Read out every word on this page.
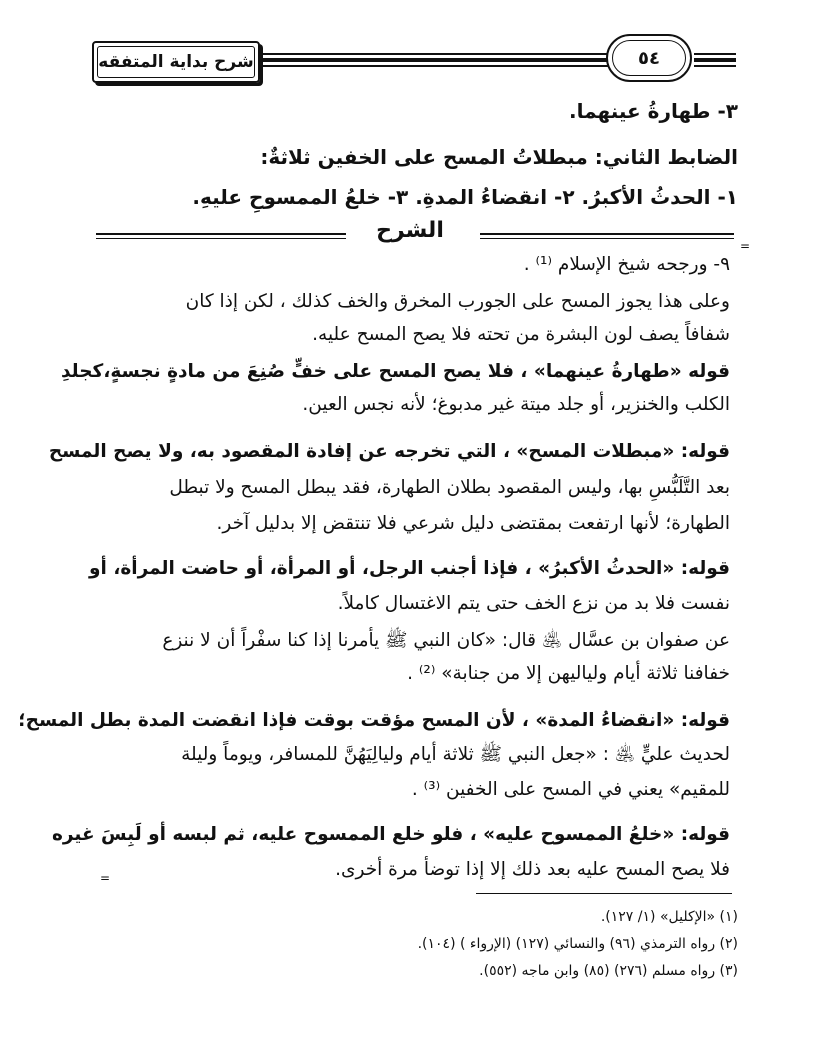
شرح بداية المتفقه	٥٤
٣- طهارةُ عينهما.
الضابط الثاني: مبطلاتُ المسح على الخفين ثلاثةٌ:
١- الحدثُ الأكبرُ. ٢- انقضاءُ المدةِ. ٣- خلعُ الممسوحِ عليهِ.
الشرح
=
=
٩- ورجحه شيخ الإسلام ⁽¹⁾ .
وعلى هذا يجوز المسح على الجورب المخرق والخف كذلك ، لكن إذا كان
شفافاً يصف لون البشرة من تحته فلا يصح المسح عليه.
قوله «طهارةُ عينهما» ، فلا يصح المسح على خفٍّ صُنِعَ من مادةٍ نجسةٍ،كجلدِ
الكلب والخنزير، أو جلد ميتة غير مدبوغ؛ لأنه نجس العين.
قوله: «مبطلات المسح» ، التي تخرجه عن إفادة المقصود به، ولا يصح المسح
بعد التَّلَبُّسِ بها، وليس المقصود بطلان الطهارة، فقد يبطل المسح ولا تبطل
الطهارة؛ لأنها ارتفعت بمقتضى دليل شرعي فلا تنتقض إلا بدليل آخر.
قوله: «الحدثُ الأكبرُ» ، فإذا أجنب الرجل، أو المرأة، أو حاضت المرأة، أو
نفست فلا بد من نزع الخف حتى يتم الاغتسال كاملاً.
عن صفوان بن عسَّال ﵁ قال: «كان النبي ﷺ يأمرنا إذا كنا سفْراً أن لا ننزع
خفافنا ثلاثة أيام ولياليهن إلا من جنابة» ⁽²⁾ .
قوله: «انقضاءُ المدة» ، لأن المسح مؤقت بوقت فإذا انقضت المدة بطل المسح؛
لحديث عليٍّ ﵁ : «جعل النبي ﷺ ثلاثة أيام وليالِيَهُنَّ للمسافر، ويوماً وليلة
للمقيم» يعني في المسح على الخفين ⁽³⁾ .
قوله: «خلعُ الممسوح عليه» ، فلو خلع الممسوح عليه، ثم لبسه أو لَبِسَ غيره
فلا يصح المسح عليه بعد ذلك إلا إذا توضأ مرة أخرى.
(١) «الإكليل» (١/ ١٢٧).
(٢) رواه الترمذي (٩٦) والنسائي (١٢٧) (الإرواء ) (١٠٤).
(٣) رواه مسلم (٢٧٦) (٨٥) وابن ماجه (٥٥٢).
